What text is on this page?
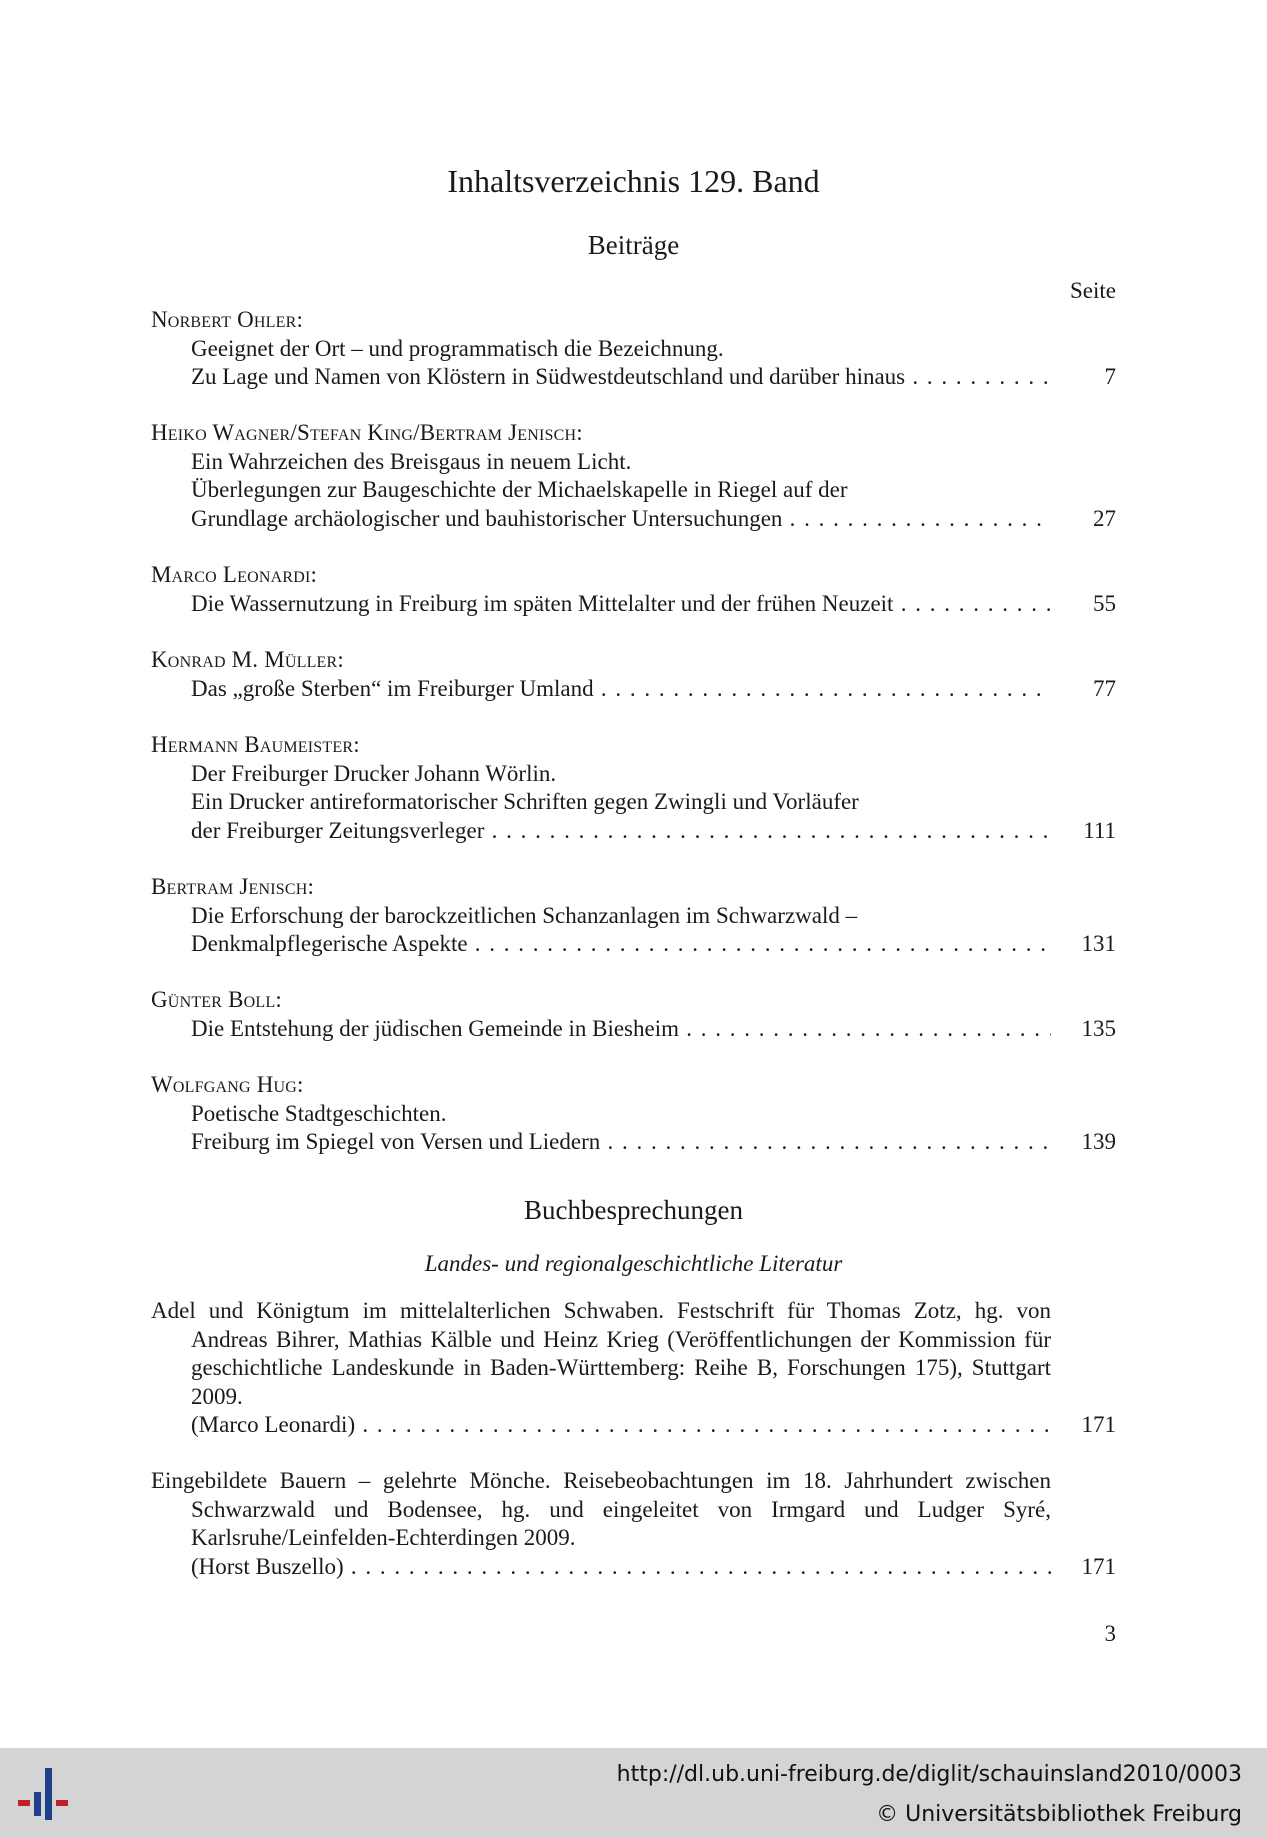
Inhaltsverzeichnis 129. Band
Beiträge
Seite
Norbert Ohler:
Geeignet der Ort – und programmatisch die Bezeichnung.
Zu Lage und Namen von Klöstern in Südwestdeutschland und darüber hinaus . . .	7
Heiko Wagner/Stefan King/Bertram Jenisch:
Ein Wahrzeichen des Breisgaus in neuem Licht.
Überlegungen zur Baugeschichte der Michaelskapelle in Riegel auf der
Grundlage archäologischer und bauhistorischer Untersuchungen . . .	27
Marco Leonardi:
Die Wassernutzung in Freiburg im späten Mittelalter und der frühen Neuzeit . . .	55
Konrad M. Müller:
Das „große Sterben“ im Freiburger Umland . . .	77
Hermann Baumeister:
Der Freiburger Drucker Johann Wörlin.
Ein Drucker antireformatorischer Schriften gegen Zwingli und Vorläufer
der Freiburger Zeitungsverleger . . .	111
Bertram Jenisch:
Die Erforschung der barockzeitlichen Schanzanlagen im Schwarzwald –
Denkmalpflegerische Aspekte . . .	131
Günter Boll:
Die Entstehung der jüdischen Gemeinde in Biesheim . . .	135
Wolfgang Hug:
Poetische Stadtgeschichten.
Freiburg im Spiegel von Versen und Liedern . . .	139
Buchbesprechungen
Landes- und regionalgeschichtliche Literatur
Adel und Königtum im mittelalterlichen Schwaben. Festschrift für Thomas Zotz, hg. von Andreas Bihrer, Mathias Kälble und Heinz Krieg (Veröffentlichungen der Kommission für geschichtliche Landeskunde in Baden-Württemberg: Reihe B, Forschungen 175), Stuttgart 2009.
(Marco Leonardi) . . .	171
Eingebildete Bauern – gelehrte Mönche. Reisebeobachtungen im 18. Jahrhundert zwischen Schwarzwald und Bodensee, hg. und eingeleitet von Irmgard und Ludger Syré, Karlsruhe/Leinfelden-Echterdingen 2009.
(Horst Buszello) . . .	171
3
http://dl.ub.uni-freiburg.de/diglit/schauinsland2010/0003
© Universitätsbibliothek Freiburg
